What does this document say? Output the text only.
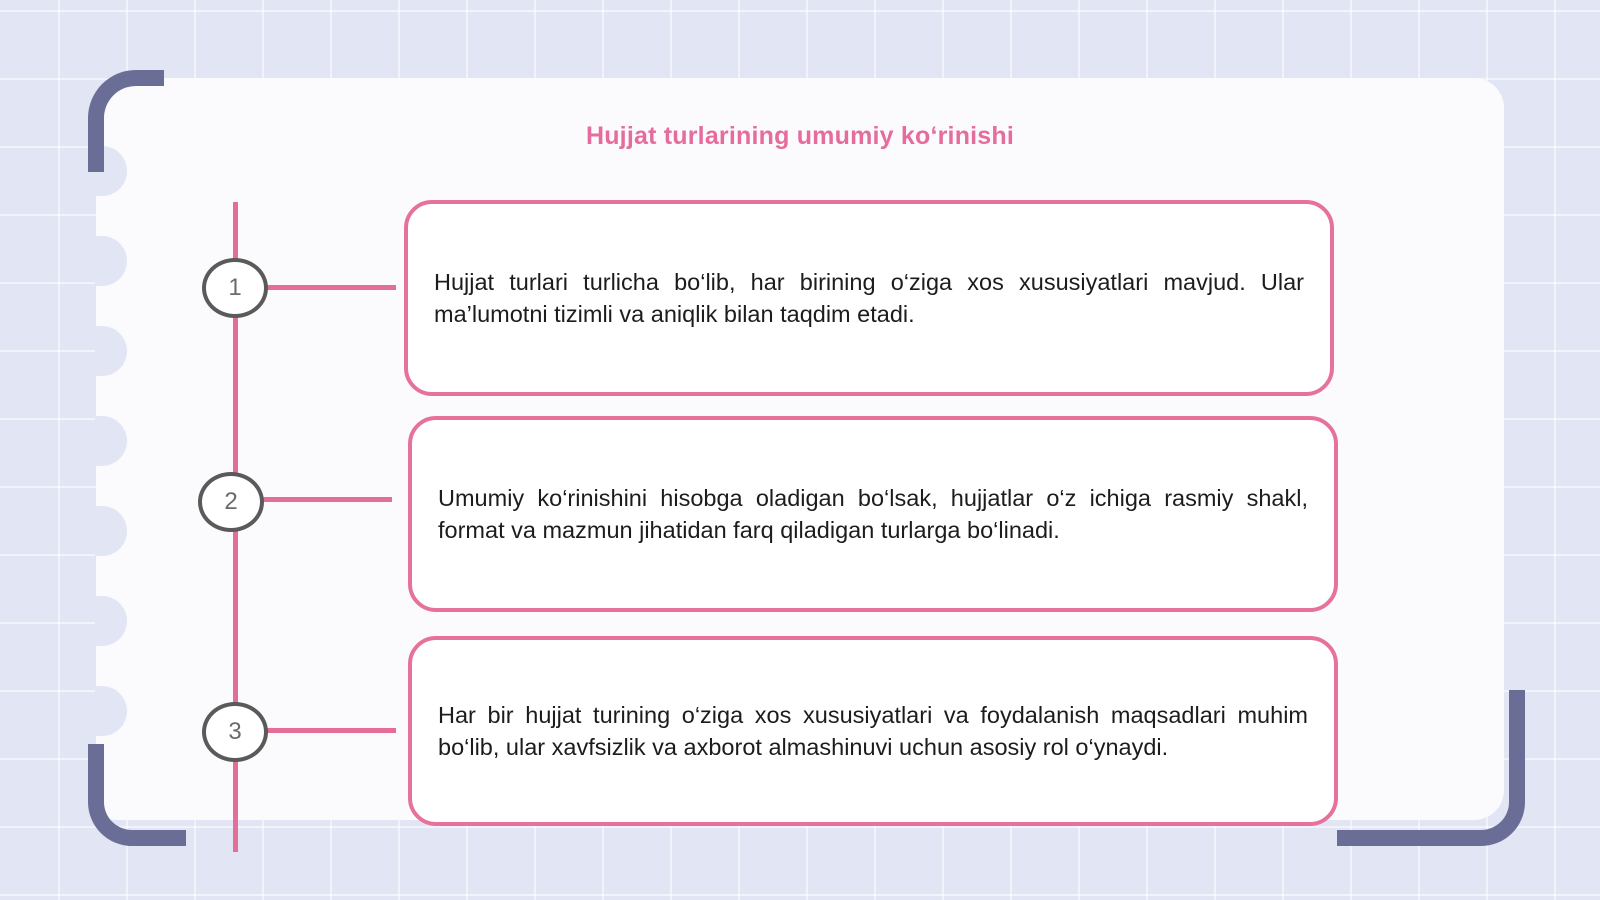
Hujjat turlarining umumiy ko‘rinishi
1
2
3
Hujjat turlari turlicha bo‘lib, har birining o‘ziga xos xususiyatlari mavjud. Ular ma’lumotni tizimli va aniqlik bilan taqdim etadi.
Umumiy ko‘rinishini hisobga oladigan bo‘lsak, hujjatlar o‘z ichiga rasmiy shakl, format va mazmun jihatidan farq qiladigan turlarga bo‘linadi.
Har bir hujjat turining o‘ziga xos xususiyatlari va foydalanish maqsadlari muhim bo‘lib, ular xavfsizlik va axborot almashinuvi uchun asosiy rol o‘ynaydi.
